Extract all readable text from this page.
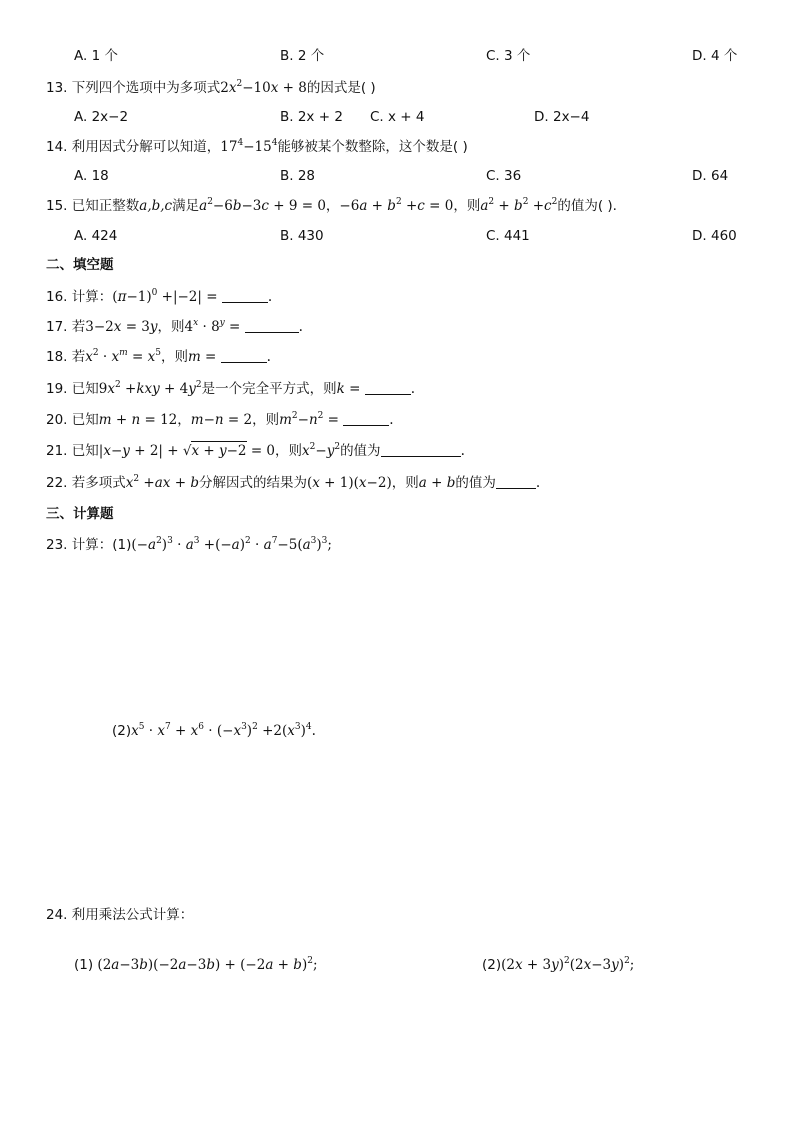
A. 1 个	B. 2 个	C. 3 个	D. 4 个
13. 下列四个选项中为多项式$2x^2-10x + 8$的因式是( )
A. 2x−2	B. 2x + 2 C. x + 4	D. 2x−4
14. 利用因式分解可以知道，$17^4-15^4$能够被某个数整除，这个数是( )
A. 18	B. 28	C. 36	D. 64
15. 已知正整数a,b,c满足$a^2-6b-3c + 9 = 0$，$-6a + b^2 +c = 0$，则$a^2 + b^2 +c^2$的值为( ).
A. 424	B. 430	C. 441	D. 460
二、填空题
16. 计算：$(\pi-1)^0 +|-2|$ =	.
17. 若3−2x = 3y，则$4^x \cdot 8^y$ =	.
18. 若$x^2 \cdot x^m = x^5$，则m =	.
19. 已知$9x^2 +kxy + 4y^2$是一个完全平方式，则k =	.
20. 已知m + n = 12，m−n = 2，则$m^2-n^2$ =	.
21. 已知|x−y + 2| + √x + y−2 = 0，则$x^2-y^2$的值为	.
22. 若多项式$x^2 +ax + b$分解因式的结果为(x + 1)(x−2)，则a + b的值为	.
三、计算题
23. 计算：$(1)(-a^2)^3 \cdot a^3 +(-a)^2 \cdot a^7-5(a^3)^3$;
$(2)x^5 \cdot x^7 + x^6 \cdot (-x^3)^2 +2(x^3)^4$.
24. 利用乘法公式计算：
(1) $(2a-3b)(-2a-3b) + (-2a + b)^2$;	$(2)(2x + 3y)^2(2x-3y)^2$;
